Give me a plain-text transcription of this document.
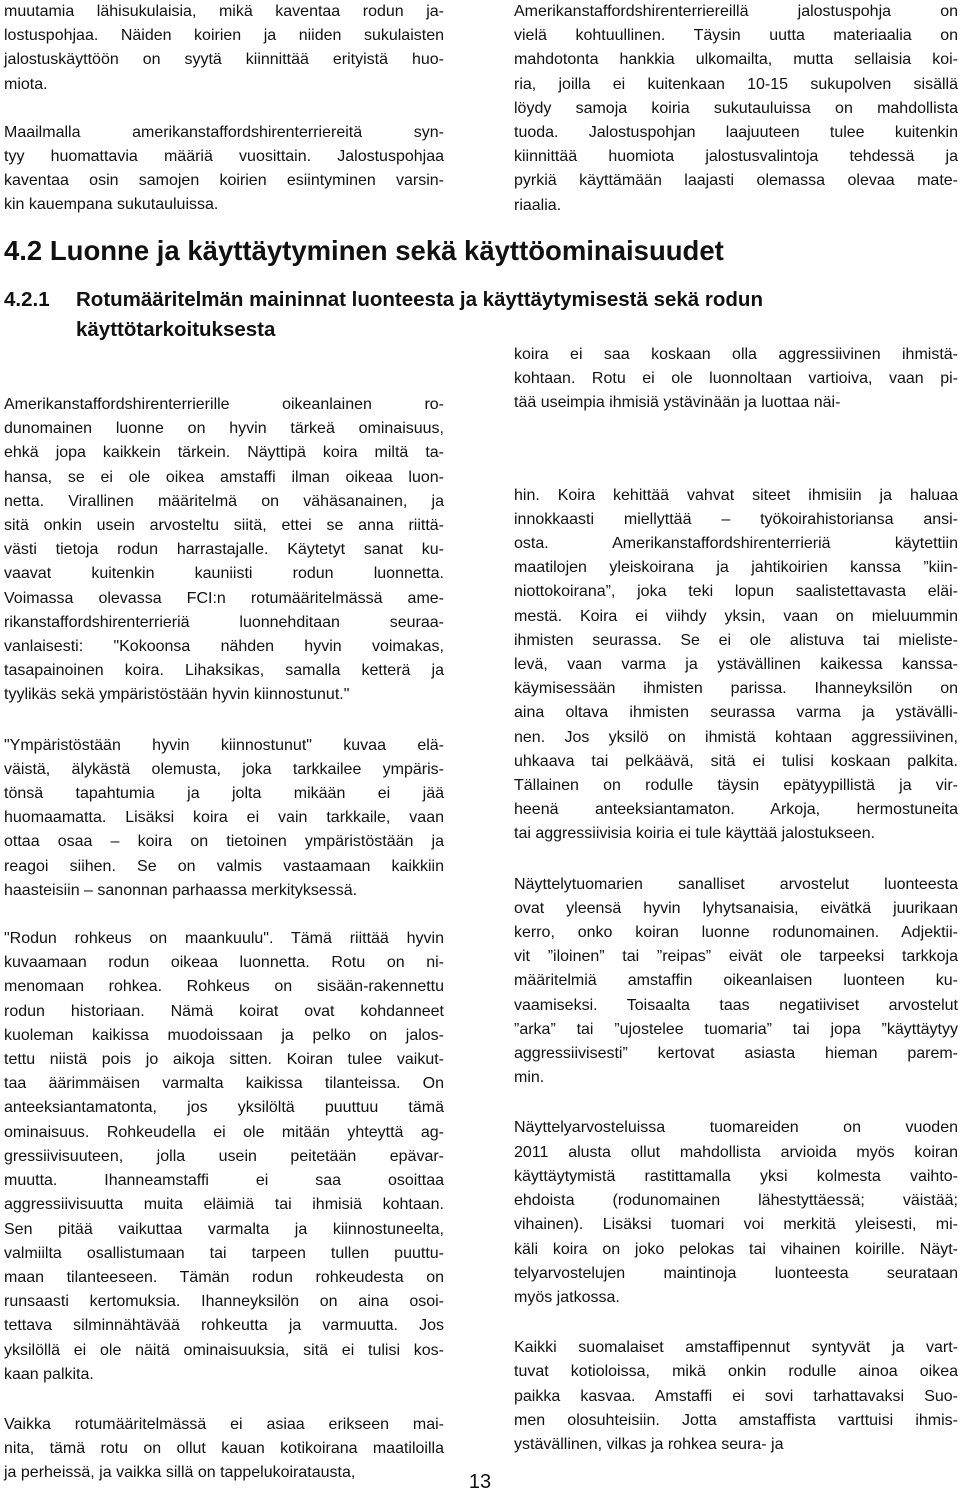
muutamia lähisukulaisia, mikä kaventaa rodun ja-
lostuspohjaa. Näiden koirien ja niiden sukulaisten
jalostuskäyttöön on syytä kiinnittää erityistä huo-
miota.

Maailmalla amerikanstaffordshirenterriereitä syn-
tyy huomattavia määriä vuosittain. Jalostuspohjaa
kaventaa osin samojen koirien esiintyminen varsin-
kin kauempana sukutauluissa.

Amerikanstaffordshirenterriereillä jalostuspohja on
vielä kohtuullinen. Täysin uutta materiaalia on
mahdotonta hankkia ulkomailta, mutta sellaisia koi-
ria, joilla ei kuitenkaan 10-15 sukupolven sisällä
löydy samoja koiria sukutauluissa on mahdollista
tuoda. Jalostuspohjan laajuuteen tulee kuitenkin
kiinnittää huomiota jalostusvalintoja tehdessä ja
pyrkiä käyttämään laajasti olemassa olevaa mate-
riaalia.

4.2 Luonne ja käyttäytyminen sekä käyttöominaisuudet
4.2.1 Rotumääritelmän maininnat luonteesta ja käyttäytymisestä sekä rodun käyttötarkoituksesta

Amerikanstaffordshirenterrierille oikeanlainen ro-
dunomainen luonne on hyvin tärkeä ominaisuus,
ehkä jopa kaikkein tärkein. Näyttipä koira miltä ta-
hansa, se ei ole oikea amstaffi ilman oikeaa luon-
netta. Virallinen määritelmä on vähäsanainen, ja
sitä onkin usein arvosteltu siitä, ettei se anna riittä-
västi tietoja rodun harrastajalle. Käytetyt sanat ku-
vaavat kuitenkin kauniisti rodun luonnetta.
Voimassa olevassa FCI:n rotumääritelmässä ame-
rikanstaffordshirenterrieriä luonnehditaan seuraa-
vanlaisesti: "Kokoonsa nähden hyvin voimakas,
tasapainoinen koira. Lihaksikas, samalla ketterä ja
tyylikäs sekä ympäristöstään hyvin kiinnostunut."

"Ympäristöstään hyvin kiinnostunut" kuvaa elä-
väistä, älykästä olemusta, joka tarkkailee ympäris-
tönsä tapahtumia ja jolta mikään ei jää
huomaamatta. Lisäksi koira ei vain tarkkaile, vaan
ottaa osaa – koira on tietoinen ympäristöstään ja
reagoi siihen. Se on valmis vastaamaan kaikkiin
haasteisiin – sanonnan parhaassa merkityksessä.

"Rodun rohkeus on maankuulu". Tämä riittää hyvin
kuvaamaan rodun oikeaa luonnetta. Rotu on ni-
menomaan rohkea. Rohkeus on sisään-rakennettu
rodun historiaan. Nämä koirat ovat kohdanneet
kuoleman kaikissa muodoissaan ja pelko on jalos-
tettu niistä pois jo aikoja sitten. Koiran tulee vaikut-
taa äärimmäisen varmalta kaikissa tilanteissa. On
anteeksiantamatonta, jos yksilöltä puuttuu tämä
ominaisuus. Rohkeudella ei ole mitään yhteyttä ag-
gressiivisuuteen, jolla usein peitetään epävar-
muutta. Ihanneamstaffi ei saa osoittaa
aggressiivisuutta muita eläimiä tai ihmisiä kohtaan.
Sen pitää vaikuttaa varmalta ja kiinnostuneelta,
valmiilta osallistumaan tai tarpeen tullen puuttu-
maan tilanteeseen. Tämän rodun rohkeudesta on
runsaasti kertomuksia. Ihanneyksilön on aina osoi-
tettava silminnähtävää rohkeutta ja varmuutta. Jos
yksilöllä ei ole näitä ominaisuuksia, sitä ei tulisi kos-
kaan palkita.

Vaikka rotumääritelmässä ei asiaa erikseen mai-
nita, tämä rotu on ollut kauan kotikoirana maatiloilla
ja perheissä, ja vaikka sillä on tappelukoiratausta,

koira ei saa koskaan olla aggressiivinen ihmistä-
kohtaan. Rotu ei ole luonnoltaan vartioiva, vaan pi-
tää useimpia ihmisiä ystävinään ja luottaa näi-

hin. Koira kehittää vahvat siteet ihmisiin ja haluaa
innokkaasti miellyttää – työkoirahistoriansa ansi-
osta. Amerikanstaffordshirenterrieriä käytettiin
maatilojen yleiskoirana ja jahtikoirien kanssa ”kiin-
niottokoirana”, joka teki lopun saalistettavasta eläi-
mestä. Koira ei viihdy yksin, vaan on mieluummin
ihmisten seurassa. Se ei ole alistuva tai mieliste-
levä, vaan varma ja ystävällinen kaikessa kanssa-
käymisessään ihmisten parissa. Ihanneyksilön on
aina oltava ihmisten seurassa varma ja ystävälli-
nen. Jos yksilö on ihmistä kohtaan aggressiivinen,
uhkaava tai pelkäävä, sitä ei tulisi koskaan palkita.
Tällainen on rodulle täysin epätyypillistä ja vir-
heenä anteeksiantamaton. Arkoja, hermostuneita
tai aggressiivisia koiria ei tule käyttää jalostukseen.

Näyttelytuomarien sanalliset arvostelut luonteesta
ovat yleensä hyvin lyhytsanaisia, eivätkä juurikaan
kerro, onko koiran luonne rodunomainen. Adjektii-
vit ”iloinen” tai ”reipas” eivät ole tarpeeksi tarkkoja
määritelmiä amstaffin oikeanlaisen luonteen ku-
vaamiseksi. Toisaalta taas negatiiviset arvostelut
”arka” tai ”ujostelee tuomaria” tai jopa ”käyttäytyy
aggressiivisesti” kertovat asiasta hieman parem-
min.

Näyttelyarvosteluissa tuomareiden on vuoden
2011 alusta ollut mahdollista arvioida myös koiran
käyttäytymistä rastittamalla yksi kolmesta vaihto-
ehdoista (rodunomainen lähestyttäessä; väistää;
vihainen). Lisäksi tuomari voi merkitä yleisesti, mi-
käli koira on joko pelokas tai vihainen koirille. Näyt-
telyarvostelujen maintinoja luonteesta seurataan
myös jatkossa.

Kaikki suomalaiset amstaffipennut syntyvät ja vart-
tuvat kotioloissa, mikä onkin rodulle ainoa oikea
paikka kasvaa. Amstaffi ei sovi tarhattavaksi Suo-
men olosuhteisiin. Jotta amstaffista varttuisi ihmis-
ystävällinen, vilkas ja rohkea seura- ja

13
